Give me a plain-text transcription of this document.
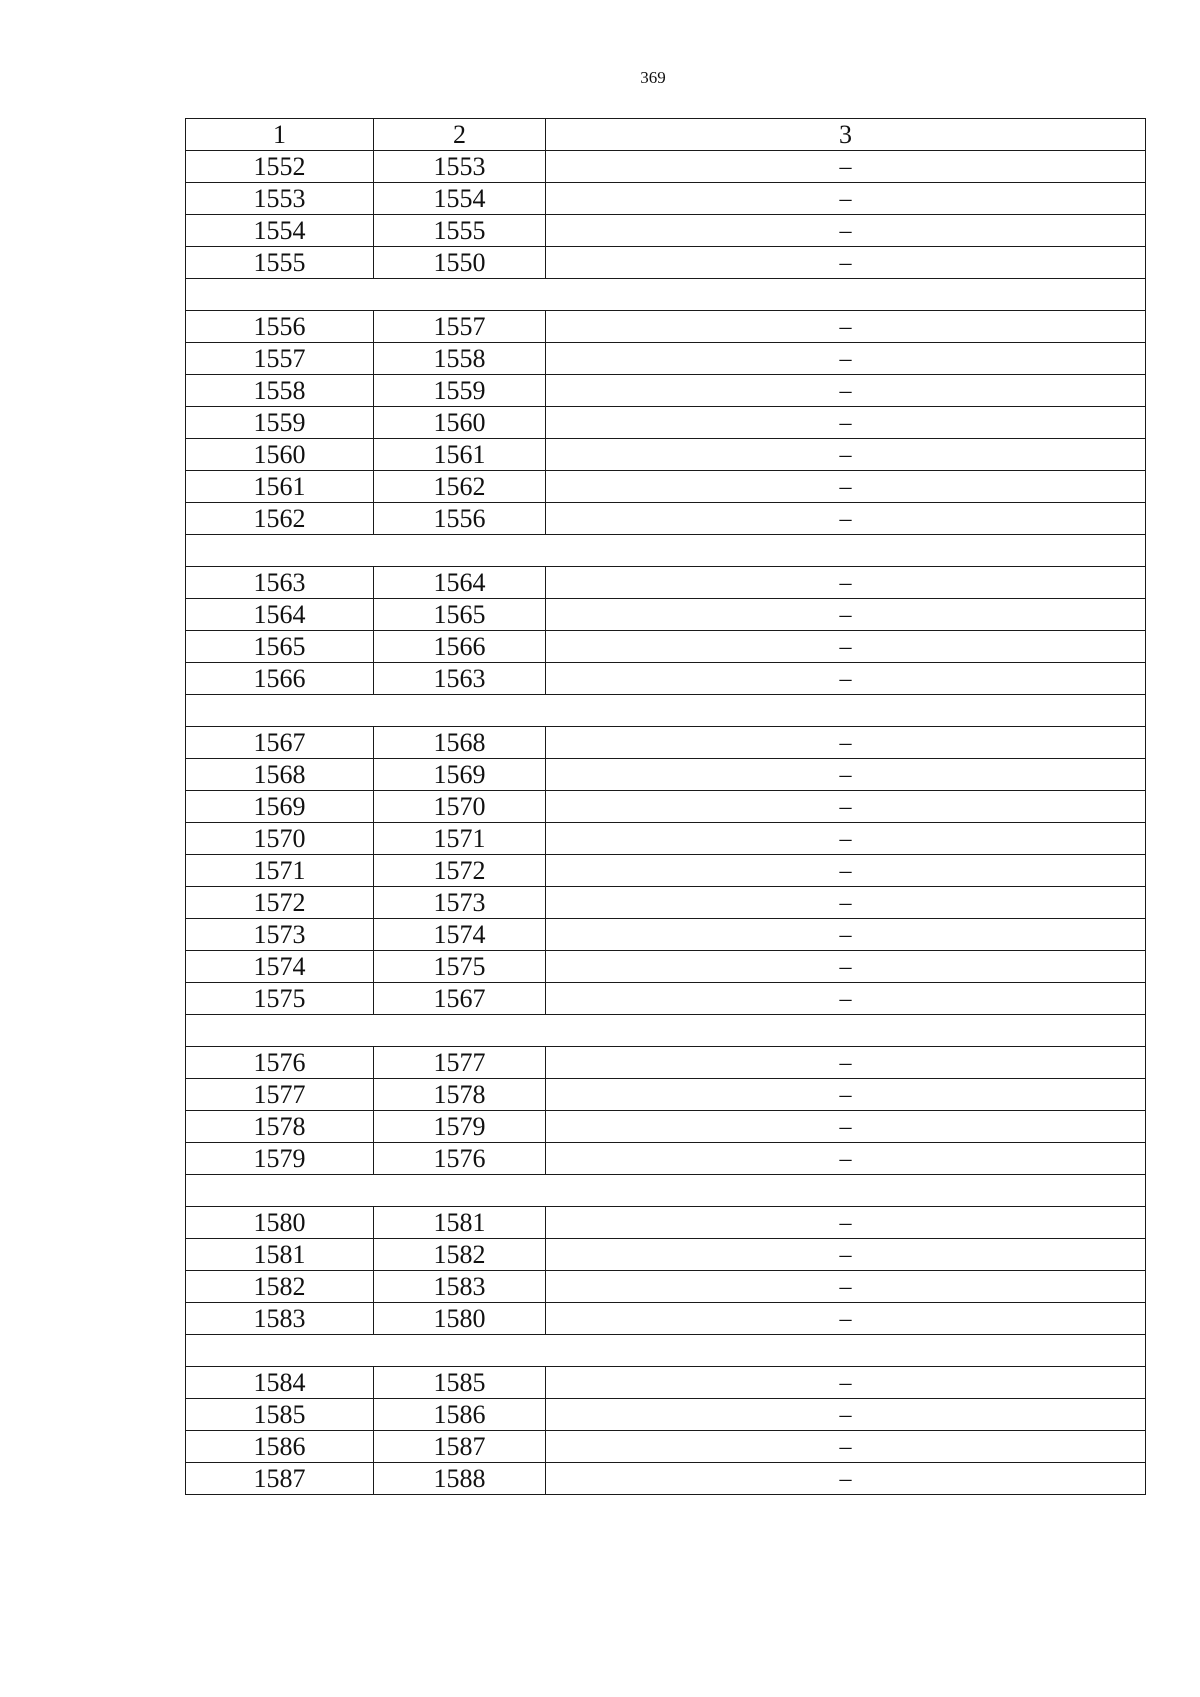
369
1	2	3
1552	1553	–
1553	1554	–
1554	1555	–
1555	1550	–

1556	1557	–
1557	1558	–
1558	1559	–
1559	1560	–
1560	1561	–
1561	1562	–
1562	1556	–

1563	1564	–
1564	1565	–
1565	1566	–
1566	1563	–

1567	1568	–
1568	1569	–
1569	1570	–
1570	1571	–
1571	1572	–
1572	1573	–
1573	1574	–
1574	1575	–
1575	1567	–

1576	1577	–
1577	1578	–
1578	1579	–
1579	1576	–

1580	1581	–
1581	1582	–
1582	1583	–
1583	1580	–

1584	1585	–
1585	1586	–
1586	1587	–
1587	1588	–
